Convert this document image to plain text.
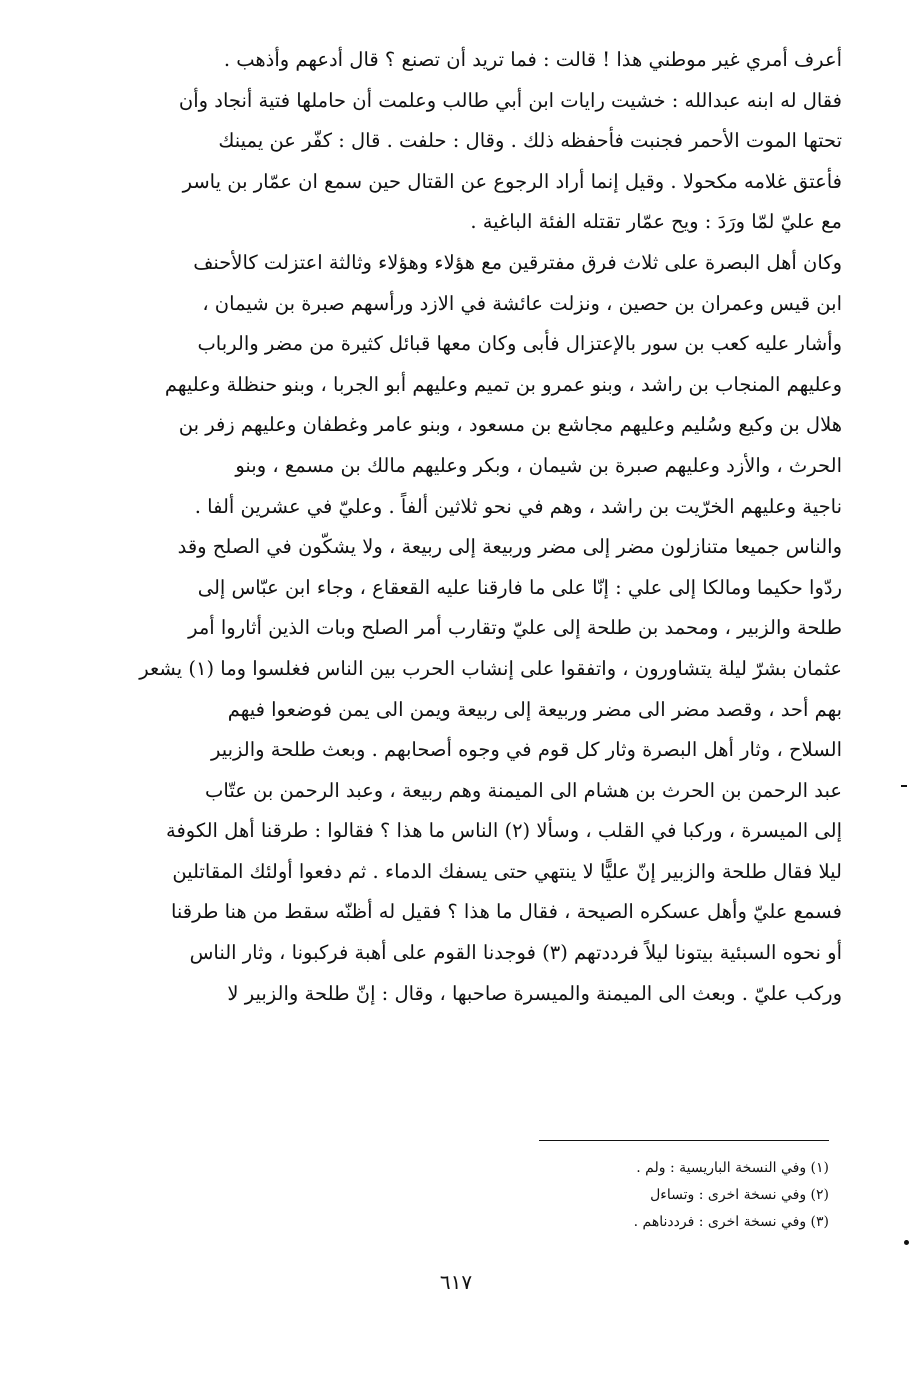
أعرف أمري غير موطني هذا ! قالت : فما تريد أن تصنع ؟ قال أدعهم وأذهب .
فقال له ابنه عبدالله : خشيت رايات ابن أبي طالب وعلمت أن حاملها فتية أنجاد وأن
تحتها الموت الأحمر فجنبت فأحفظه ذلك . وقال : حلفت . قال : كفّر عن يمينك
فأعتق غلامه مكحولا . وقيل إنما أراد الرجوع عن القتال حين سمع ان عمّار بن ياسر
مع عليّ لمّا ورَدَ : ويح عمّار تقتله الفئة الباغية .
وكان أهل البصرة على ثلاث فرق مفترقين مع هؤلاء وهؤلاء وثالثة اعتزلت كالأحنف
ابن قيس وعمران بن حصين ، ونزلت عائشة في الازد ورأسهم صبرة بن شيمان ،
وأشار عليه كعب بن سور بالإعتزال فأبى وكان معها قبائل كثيرة من مضر والرباب
وعليهم المنجاب بن راشد ، وبنو عمرو بن تميم وعليهم أبو الجربا ، وبنو حنظلة وعليهم
هلال بن وكيع وسُليم وعليهم مجاشع بن مسعود ، وبنو عامر وغطفان وعليهم زفر بن
الحرث ، والأزد وعليهم صبرة بن شيمان ، وبكر وعليهم مالك بن مسمع ، وبنو
ناجية وعليهم الخرّيت بن راشد ، وهم في نحو ثلاثين ألفاً . وعليّ في عشرين ألفا .
والناس جميعا متنازلون مضر إلى مضر وربيعة إلى ربيعة ، ولا يشكّون في الصلح وقد
ردّوا حكيما ومالكا إلى علي : إنّا على ما فارقنا عليه القعقاع ، وجاء ابن عبّاس إلى
طلحة والزبير ، ومحمد بن طلحة إلى عليّ وتقارب أمر الصلح وبات الذين أثاروا أمر
عثمان بشرّ ليلة يتشاورون ، واتفقوا على إنشاب الحرب بين الناس فغلسوا وما (١) يشعر
بهم أحد ، وقصد مضر الى مضر وربيعة إلى ربيعة ويمن الى يمن فوضعوا فيهم
السلاح ، وثار أهل البصرة وثار كل قوم في وجوه أصحابهم . وبعث طلحة والزبير
عبد الرحمن بن الحرث بن هشام الى الميمنة وهم ربيعة ، وعبد الرحمن بن عتّاب
إلى الميسرة ، وركبا في القلب ، وسألا (٢) الناس ما هذا ؟ فقالوا : طرقنا أهل الكوفة
ليلا فقال طلحة والزبير إنّ عليًّا لا ينتهي حتى يسفك الدماء . ثم دفعوا أولئك المقاتلين
فسمع عليّ وأهل عسكره الصيحة ، فقال ما هذا ؟ فقيل له أظنّه سقط من هنا طرقنا
أو نحوه السبئية بيتونا ليلاً فرددتهم (٣) فوجدنا القوم على أهبة فركبونا ، وثار الناس
وركب عليّ . وبعث الى الميمنة والميسرة صاحبها ، وقال : إنّ طلحة والزبير لا
(١) وفي النسخة الباريسية : ولم .
(٢) وفي نسخة اخرى : وتساءل
(٣) وفي نسخة اخرى : فرددناهم .
٦١٧
